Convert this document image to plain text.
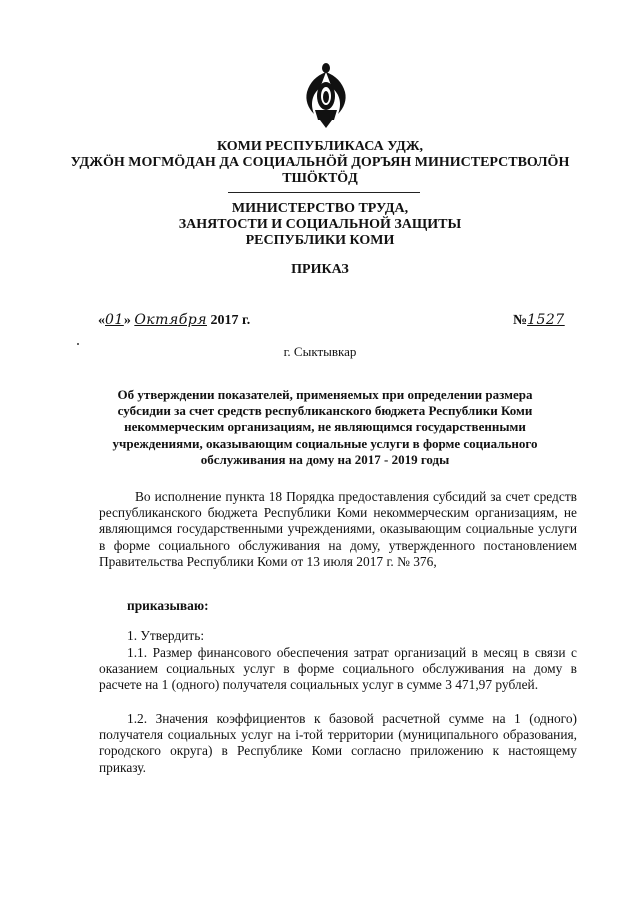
КОМИ РЕСПУБЛИКАСА УДЖ,
УДЖÖН МОГМÖДАН ДА СОЦИАЛЬНÖЙ ДОРЪЯН МИНИСТЕРСТВОЛÖН
ТШÖКТÖД
МИНИСТЕРСТВО ТРУДА,
ЗАНЯТОСТИ И СОЦИАЛЬНОЙ ЗАЩИТЫ
РЕСПУБЛИКИ КОМИ
ПРИКАЗ
«01» Октября 2017 г.	№1527
г. Сыктывкар
Об утверждении показателей, применяемых при определении размера субсидии за счет средств республиканского бюджета Республики Коми некоммерческим организациям, не являющимся государственными учреждениями, оказывающим социальные услуги в форме социального обслуживания на дому на 2017 - 2019 годы
Во исполнение пункта 18 Порядка предоставления субсидий за счет средств республиканского бюджета Республики Коми некоммерческим организациям, не являющимся государственными учреждениями, оказывающим социальные услуги в форме социального обслуживания на дому, утвержденного постановлением Правительства Республики Коми от 13 июля 2017 г. № 376,
приказываю:
1. Утвердить:
1.1. Размер финансового обеспечения затрат организаций в месяц в связи с оказанием социальных услуг в форме социального обслуживания на дому в расчете на 1 (одного) получателя социальных услуг в сумме 3 471,97 рублей.
1.2. Значения коэффициентов к базовой расчетной сумме на 1 (одного) получателя социальных услуг на i-той территории (муниципального образования, городского округа) в Республике Коми согласно приложению к настоящему приказу.
